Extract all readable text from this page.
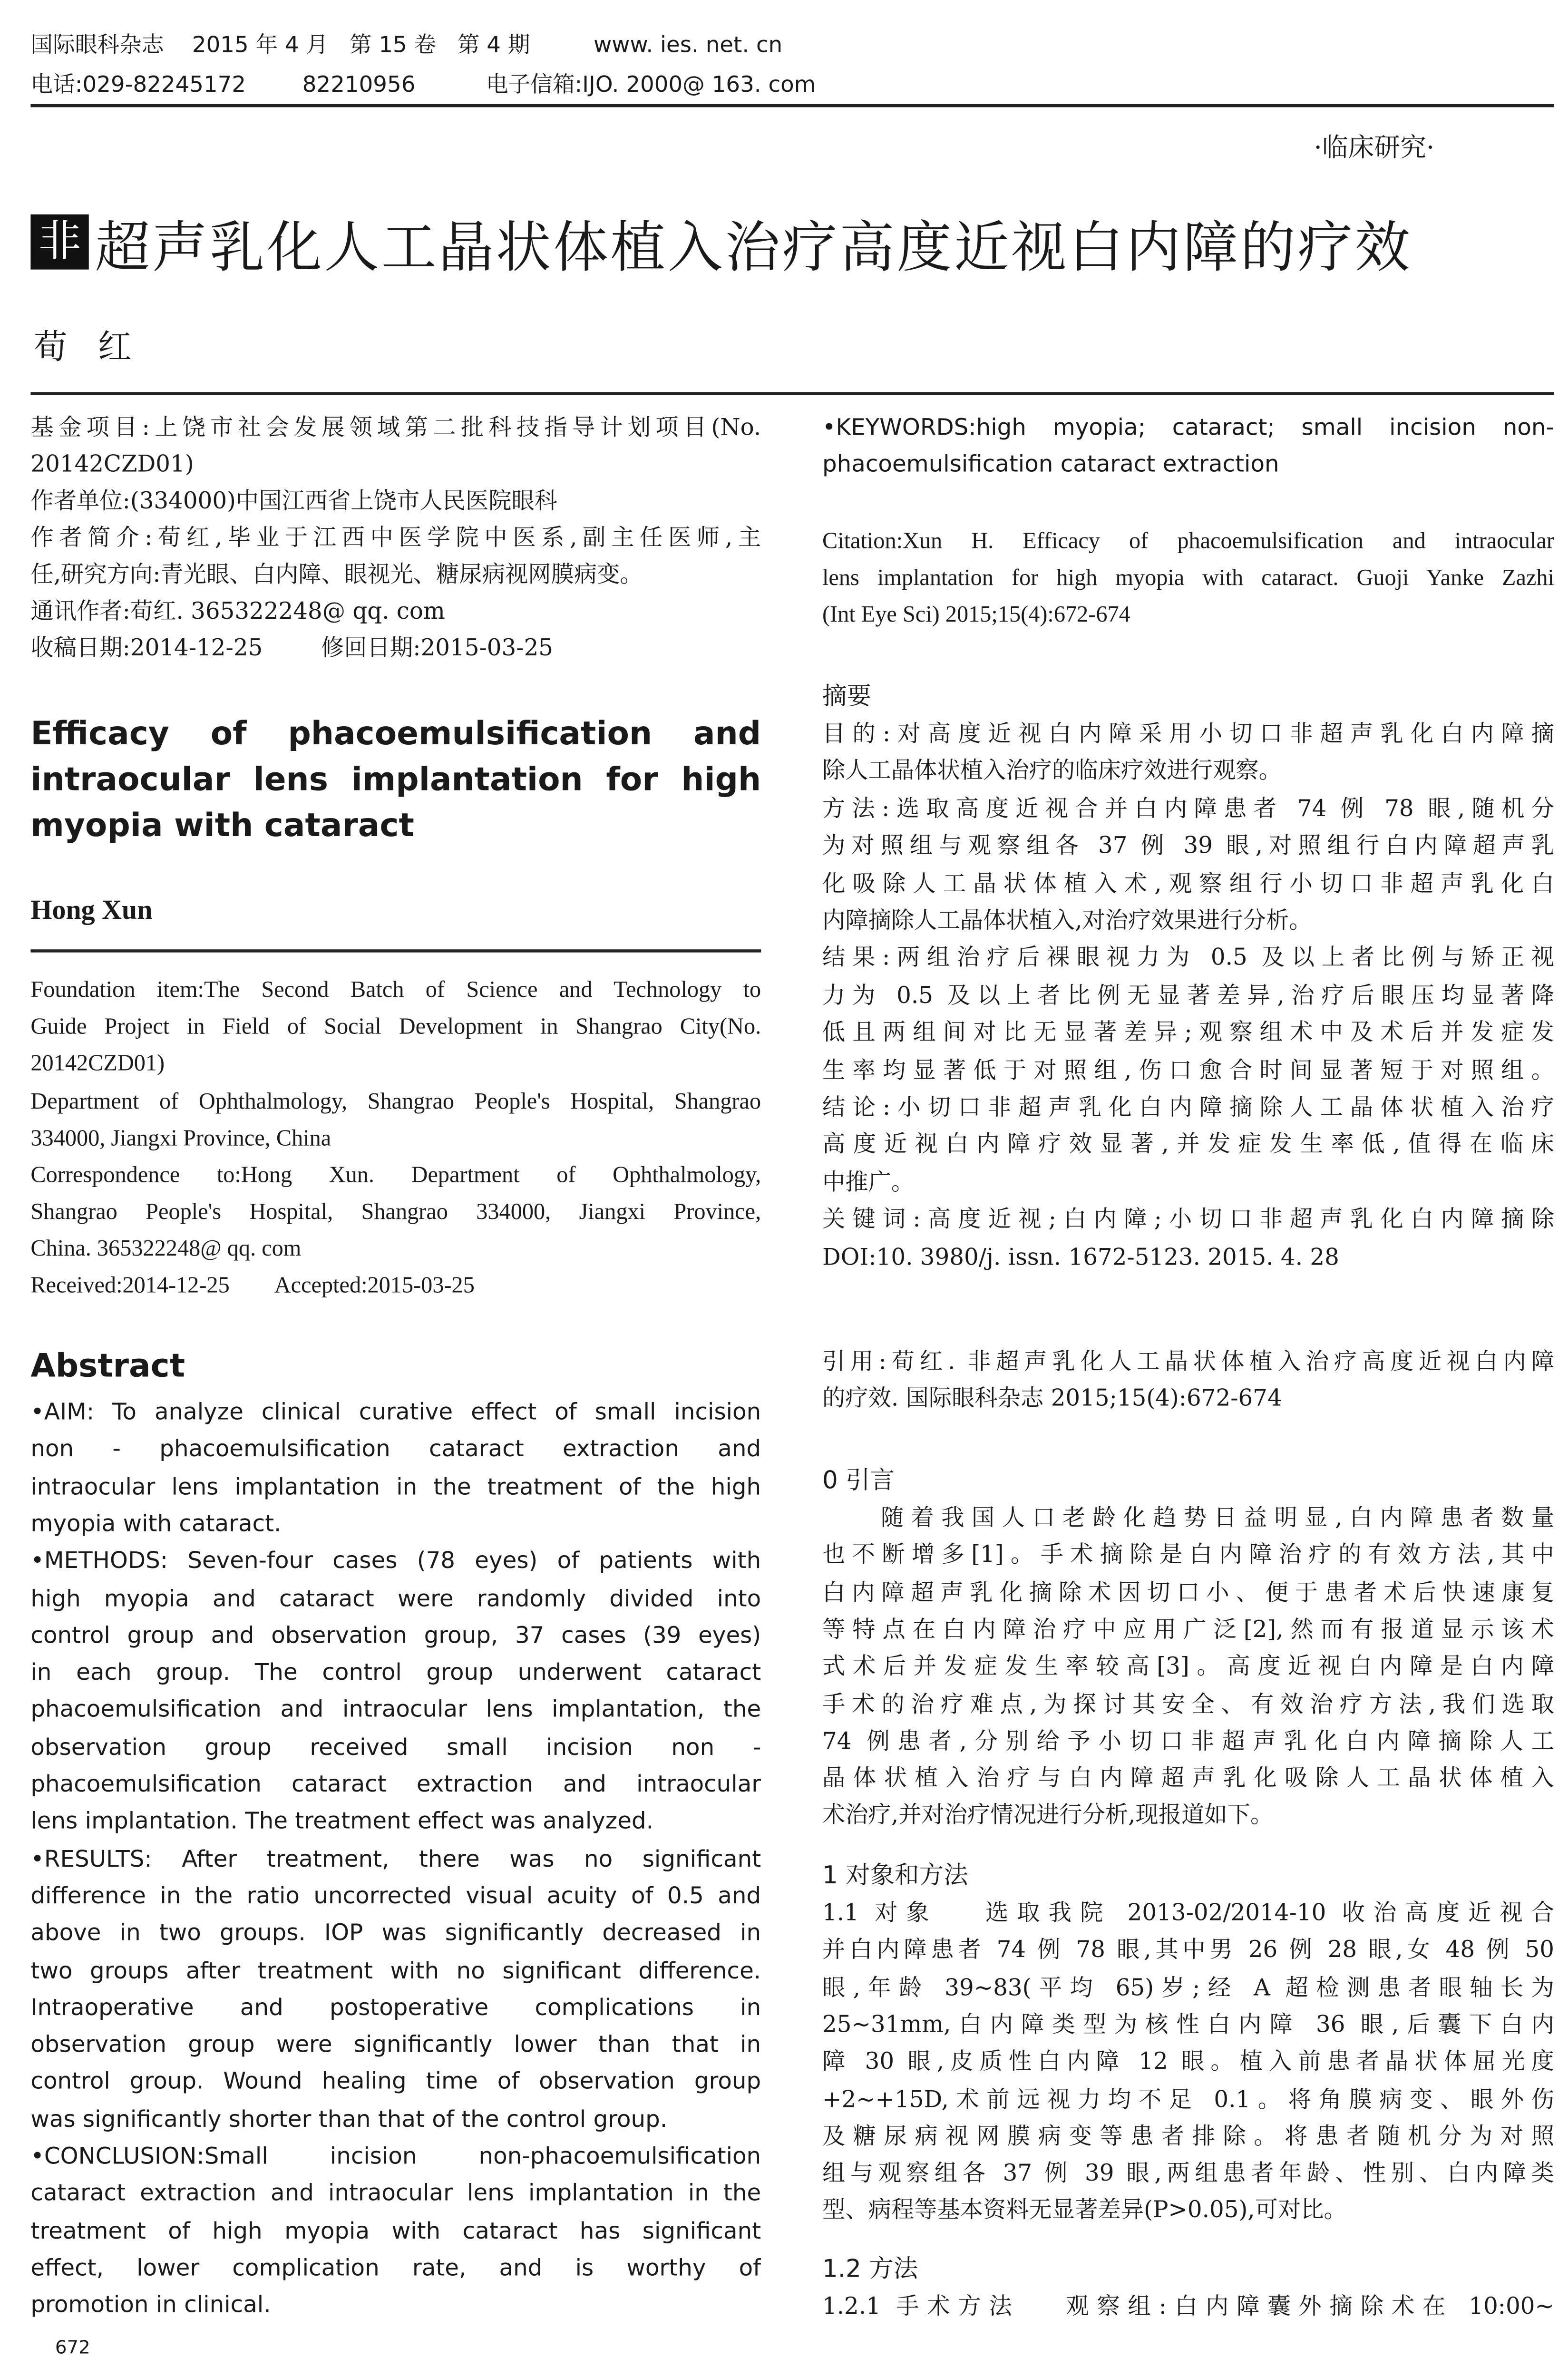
国际眼科杂志    2015 年 4 月   第 15 卷   第 4 期         www. ies. net. cn
电话:029-82245172        82210956          电子信箱:IJO. 2000@ 163. com
·临床研究·
非 超声乳化人工晶状体植入治疗高度近视白内障的疗效
荀红
基金项目:上饶市社会发展领域第二批科技指导计划项目(No.
20142CZD01)
作者单位:(334000)中国江西省上饶市人民医院眼科
作者简介:荀红,毕业于江西中医学院中医系,副主任医师,主
任,研究方向:青光眼、白内障、眼视光、糖尿病视网膜病变。
通讯作者:荀红. 365322248@ qq. com
收稿日期:2014-12-25        修回日期:2015-03-25
Efficacy of phacoemulsification and
intraocular lens implantation for high
myopia with cataract
Hong Xun
Foundation item:The Second Batch of Science and Technology to
Guide Project in Field of Social Development in Shangrao City(No.
20142CZD01)
Department of Ophthalmology, Shangrao People's Hospital, Shangrao
334000, Jiangxi Province, China
Correspondence to:Hong Xun. Department of Ophthalmology,
Shangrao People's Hospital, Shangrao 334000, Jiangxi Province,
China. 365322248@ qq. com
Received:2014-12-25        Accepted:2015-03-25
Abstract
•AIM: To analyze clinical curative effect of small incision
non - phacoemulsification cataract extraction and
intraocular lens implantation in the treatment of the high
myopia with cataract.
•METHODS: Seven-four cases (78 eyes) of patients with
high myopia and cataract were randomly divided into
control group and observation group, 37 cases (39 eyes)
in each group. The control group underwent cataract
phacoemulsification and intraocular lens implantation, the
observation group received small incision non -
phacoemulsification cataract extraction and intraocular
lens implantation. The treatment effect was analyzed.
•RESULTS: After treatment, there was no significant
difference in the ratio uncorrected visual acuity of 0.5 and
above in two groups. IOP was significantly decreased in
two groups after treatment with no significant difference.
Intraoperative and postoperative complications in
observation group were significantly lower than that in
control group. Wound healing time of observation group
was significantly shorter than that of the control group.
•CONCLUSION:Small incision non-phacoemulsification
cataract extraction and intraocular lens implantation in the
treatment of high myopia with cataract has significant
effect, lower complication rate, and is worthy of
promotion in clinical.
672
•KEYWORDS:high myopia; cataract; small incision non-
phacoemulsification cataract extraction
Citation:Xun H. Efficacy of phacoemulsification and intraocular
lens implantation for high myopia with cataract. Guoji Yanke Zazhi
(Int Eye Sci) 2015;15(4):672-674
摘要
目的:对高度近视白内障采用小切口非超声乳化白内障摘
除人工晶体状植入治疗的临床疗效进行观察。
方法:选取高度近视合并白内障患者 74 例 78 眼,随机分
为对照组与观察组各 37 例 39 眼,对照组行白内障超声乳
化吸除人工晶状体植入术,观察组行小切口非超声乳化白
内障摘除人工晶体状植入,对治疗效果进行分析。
结果:两组治疗后裸眼视力为 0.5 及以上者比例与矫正视
力为 0.5 及以上者比例无显著差异,治疗后眼压均显著降
低且两组间对比无显著差异;观察组术中及术后并发症发
生率均显著低于对照组,伤口愈合时间显著短于对照组。
结论:小切口非超声乳化白内障摘除人工晶体状植入治疗
高度近视白内障疗效显著,并发症发生率低,值得在临床
中推广。
关键词:高度近视;白内障;小切口非超声乳化白内障摘除
DOI:10. 3980/j. issn. 1672-5123. 2015. 4. 28
引用:荀红. 非超声乳化人工晶状体植入治疗高度近视白内障
的疗效. 国际眼科杂志 2015;15(4):672-674
0 引言
随着我国人口老龄化趋势日益明显,白内障患者数量
也不断增多[1]。手术摘除是白内障治疗的有效方法,其中
白内障超声乳化摘除术因切口小、便于患者术后快速康复
等特点在白内障治疗中应用广泛[2],然而有报道显示该术
式术后并发症发生率较高[3]。高度近视白内障是白内障
手术的治疗难点,为探讨其安全、有效治疗方法,我们选取
74 例患者,分别给予小切口非超声乳化白内障摘除人工
晶体状植入治疗与白内障超声乳化吸除人工晶状体植入
术治疗,并对治疗情况进行分析,现报道如下。
1 对象和方法
1.1 对象   选取我院 2013-02/2014-10 收治高度近视合
并白内障患者 74 例 78 眼,其中男 26 例 28 眼,女 48 例 50
眼,年龄 39~83(平均 65)岁;经 A 超检测患者眼轴长为
25~31mm,白内障类型为核性白内障 36 眼,后囊下白内
障 30 眼,皮质性白内障 12 眼。植入前患者晶状体屈光度
+2~+15D,术前远视力均不足 0.1。将角膜病变、眼外伤
及糖尿病视网膜病变等患者排除。将患者随机分为对照
组与观察组各 37 例 39 眼,两组患者年龄、性别、白内障类
型、病程等基本资料无显著差异(P>0.05),可对比。
1.2 方法
1.2.1 手术方法   观察组:白内障囊外摘除术在 10:00~
